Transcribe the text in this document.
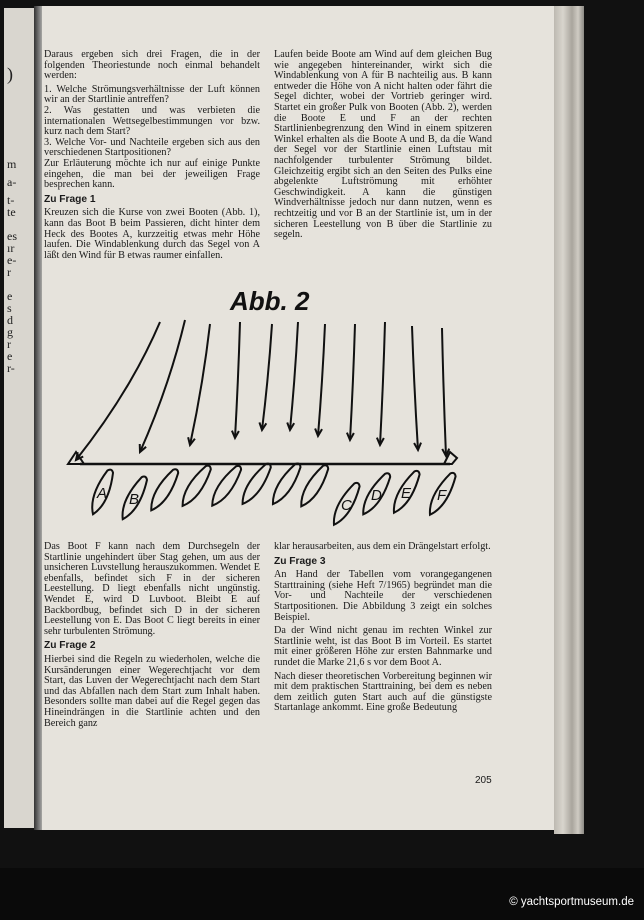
)
m
a-
t-
te
es
ır
e-
r
e
s
d
g
r
e
r-

Daraus ergeben sich drei Fragen, die in der folgenden Theoriestunde noch einmal behandelt werden:

1. Welche Strömungsverhältnisse der Luft können wir an der Startlinie antreffen?
2. Was gestatten und was verbieten die internationalen Wettsegelbestimmungen vor bzw. kurz nach dem Start?
3. Welche Vor- und Nachteile ergeben sich aus den verschiedenen Startpositionen?

Zur Erläuterung möchte ich nur auf einige Punkte eingehen, die man bei der jeweiligen Frage besprechen kann.

Zu Frage 1

Kreuzen sich die Kurse von zwei Booten (Abb. 1), kann das Boot B beim Passieren, dicht hinter dem Heck des Bootes A, kurzzeitig etwas mehr Höhe laufen. Die Windablenkung durch das Segel von A läßt den Wind für B etwas raumer einfallen.

Laufen beide Boote am Wind auf dem gleichen Bug wie angegeben hintereinander, wirkt sich die Windablenkung von A für B nachteilig aus. B kann entweder die Höhe von A nicht halten oder fährt die Segel dichter, wobei der Vortrieb geringer wird. Startet ein großer Pulk von Booten (Abb. 2), werden die Boote E und F an der rechten Startlinienbegrenzung den Wind in einem spitzeren Winkel erhalten als die Boote A und B, da die Wand der Segel vor der Startlinie einen Luftstau mit nachfolgender turbulenter Strömung bildet. Gleichzeitig ergibt sich an den Seiten des Pulks eine abgelenkte Luftströmung mit erhöhter Geschwindigkeit. A kann die günstigen Windverhältnisse jedoch nur dann nutzen, wenn es rechtzeitig und vor B an der Startlinie ist, um in der sicheren Leestellung von B über die Startlinie zu segeln.

Abb. 2
A B	C
D E F

Das Boot F kann nach dem Durchsegeln der Startlinie ungehindert über Stag gehen, um aus der unsicheren Luvstellung herauszukommen. Wendet E ebenfalls, befindet sich F in der sicheren Leestellung. D liegt ebenfalls nicht ungünstig. Wendet E, wird D Luvboot. Bleibt E auf Backbordbug, befindet sich D in der sicheren Leestellung von E. Das Boot C liegt bereits in einer sehr turbulenten Strömung.

Zu Frage 2

Hierbei sind die Regeln zu wiederholen, welche die Kursänderungen einer Wegerechtjacht vor dem Start, das Luven der Wegerechtjacht nach dem Start und das Abfallen nach dem Start zum Inhalt haben. Besonders sollte man dabei auf die Regel gegen das Hineindrängen in die Startlinie achten und den Bereich ganz

klar herausarbeiten, aus dem ein Drängelstart erfolgt.

Zu Frage 3

An Hand der Tabellen vom vorangegangenen Starttraining (siehe Heft 7/1965) begründet man die Vor- und Nachteile der verschiedenen Startpositionen. Die Abbildung 3 zeigt ein solches Beispiel.

Da der Wind nicht genau im rechten Winkel zur Startlinie weht, ist das Boot B im Vorteil. Es startet mit einer größeren Höhe zur ersten Bahnmarke und rundet die Marke 21,6 s vor dem Boot A.

Nach dieser theoretischen Vorbereitung beginnen wir mit dem praktischen Starttraining, bei dem es neben dem zeitlich guten Start auch auf die günstigste Startanlage ankommt. Eine große Bedeutung

205
© yachtsportmuseum.de
